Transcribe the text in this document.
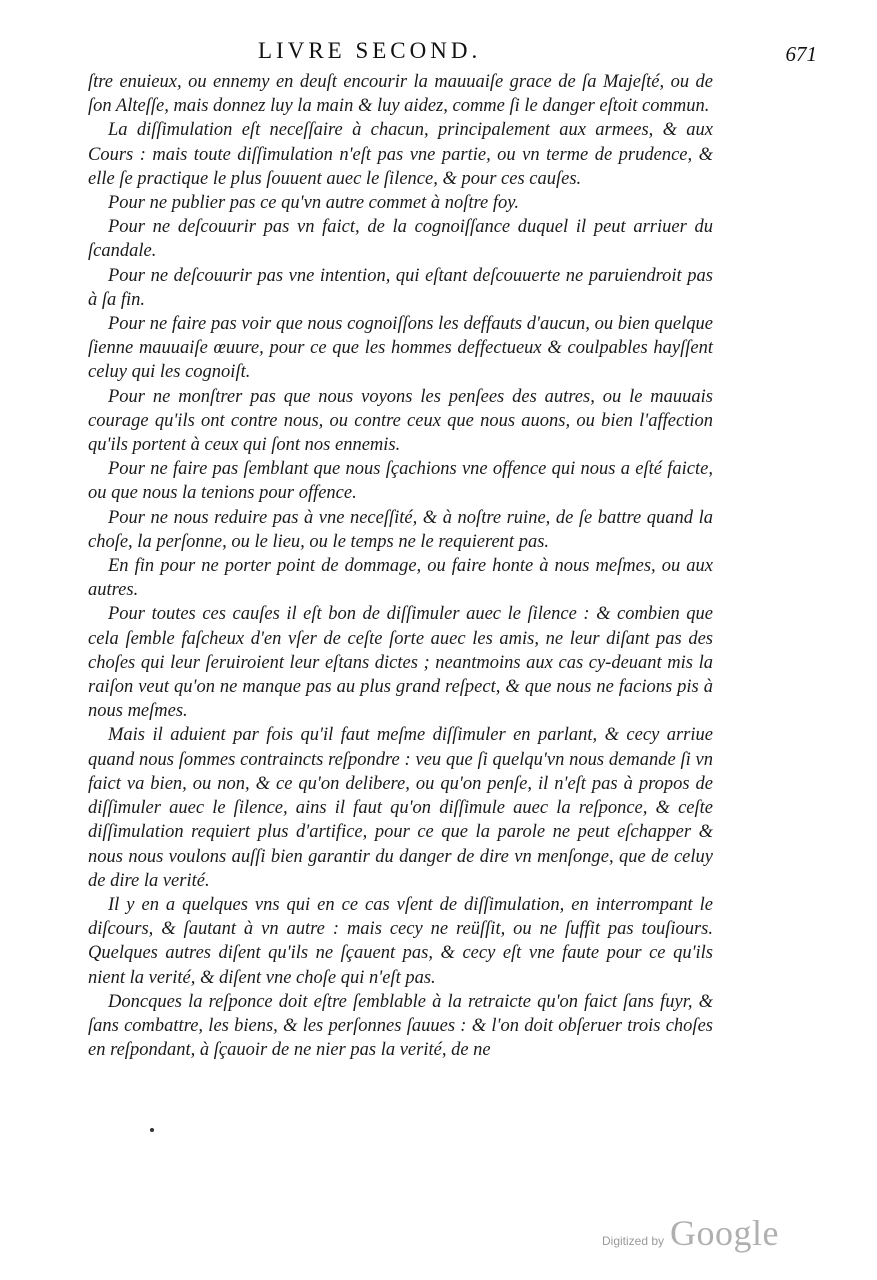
LIVRE SECOND.	671

ſtre enuieux, ou ennemy en deuſt encourir la mauuaiſe grace de ſa Majeſté, ou de ſon Alteſſe, mais donnez luy la main & luy aidez, comme ſi le danger eſtoit commun.

La diſſimulation eſt neceſſaire à chacun, principalement aux armees, & aux Cours : mais toute diſſimulation n'eſt pas vne partie, ou vn terme de prudence, & elle ſe practique le plus ſouuent auec le ſilence, & pour ces cauſes.

Pour ne publier pas ce qu'vn autre commet à noſtre foy.

Pour ne deſcouurir pas vn faict, de la cognoiſſance duquel il peut arriuer du ſcandale.

Pour ne deſcouurir pas vne intention, qui eſtant deſcouuerte ne paruiendroit pas à ſa fin.

Pour ne faire pas voir que nous cognoiſſons les deffauts d'aucun, ou bien quelque ſienne mauuaiſe œuure, pour ce que les hommes deffectueux & coulpables hayſſent celuy qui les cognoiſt.

Pour ne monſtrer pas que nous voyons les penſees des autres, ou le mauuais courage qu'ils ont contre nous, ou contre ceux que nous auons, ou bien l'affection qu'ils portent à ceux qui ſont nos ennemis.

Pour ne faire pas ſemblant que nous ſçachions vne offence qui nous a eſté faicte, ou que nous la tenions pour offence.

Pour ne nous reduire pas à vne neceſſité, & à noſtre ruine, de ſe battre quand la choſe, la perſonne, ou le lieu, ou le temps ne le requierent pas.

En fin pour ne porter point de dommage, ou faire honte à nous meſmes, ou aux autres.

Pour toutes ces cauſes il eſt bon de diſſimuler auec le ſilence : & combien que cela ſemble faſcheux d'en vſer de ceſte ſorte auec les amis, ne leur diſant pas des choſes qui leur ſeruiroient leur eſtans dictes ; neantmoins aux cas cy-deuant mis la raiſon veut qu'on ne manque pas au plus grand reſpect, & que nous ne facions pis à nous meſmes.

Mais il aduient par fois qu'il faut meſme diſſimuler en parlant, & cecy arriue quand nous ſommes contraincts reſpondre : veu que ſi quelqu'vn nous demande ſi vn faict va bien, ou non, & ce qu'on delibere, ou qu'on penſe, il n'eſt pas à propos de diſſimuler auec le ſilence, ains il faut qu'on diſſimule auec la reſponce, & ceſte diſſimulation requiert plus d'artifice, pour ce que la parole ne peut eſchapper & nous nous voulons auſſi bien garantir du danger de dire vn menſonge, que de celuy de dire la verité.

Il y en a quelques vns qui en ce cas vſent de diſſimulation, en interrompant le diſcours, & ſautant à vn autre : mais cecy ne reüſſit, ou ne ſuffit pas touſiours. Quelques autres diſent qu'ils ne ſçauent pas, & cecy eſt vne faute pour ce qu'ils nient la verité, & diſent vne choſe qui n'eſt pas.

Doncques la reſponce doit eſtre ſemblable à la retraicte qu'on faict ſans fuyr, & ſans combattre, les biens, & les perſonnes ſauues : & l'on doit obſeruer trois choſes en reſpondant, à ſçauoir de ne nier pas la verité, de ne

Digitized by Google
